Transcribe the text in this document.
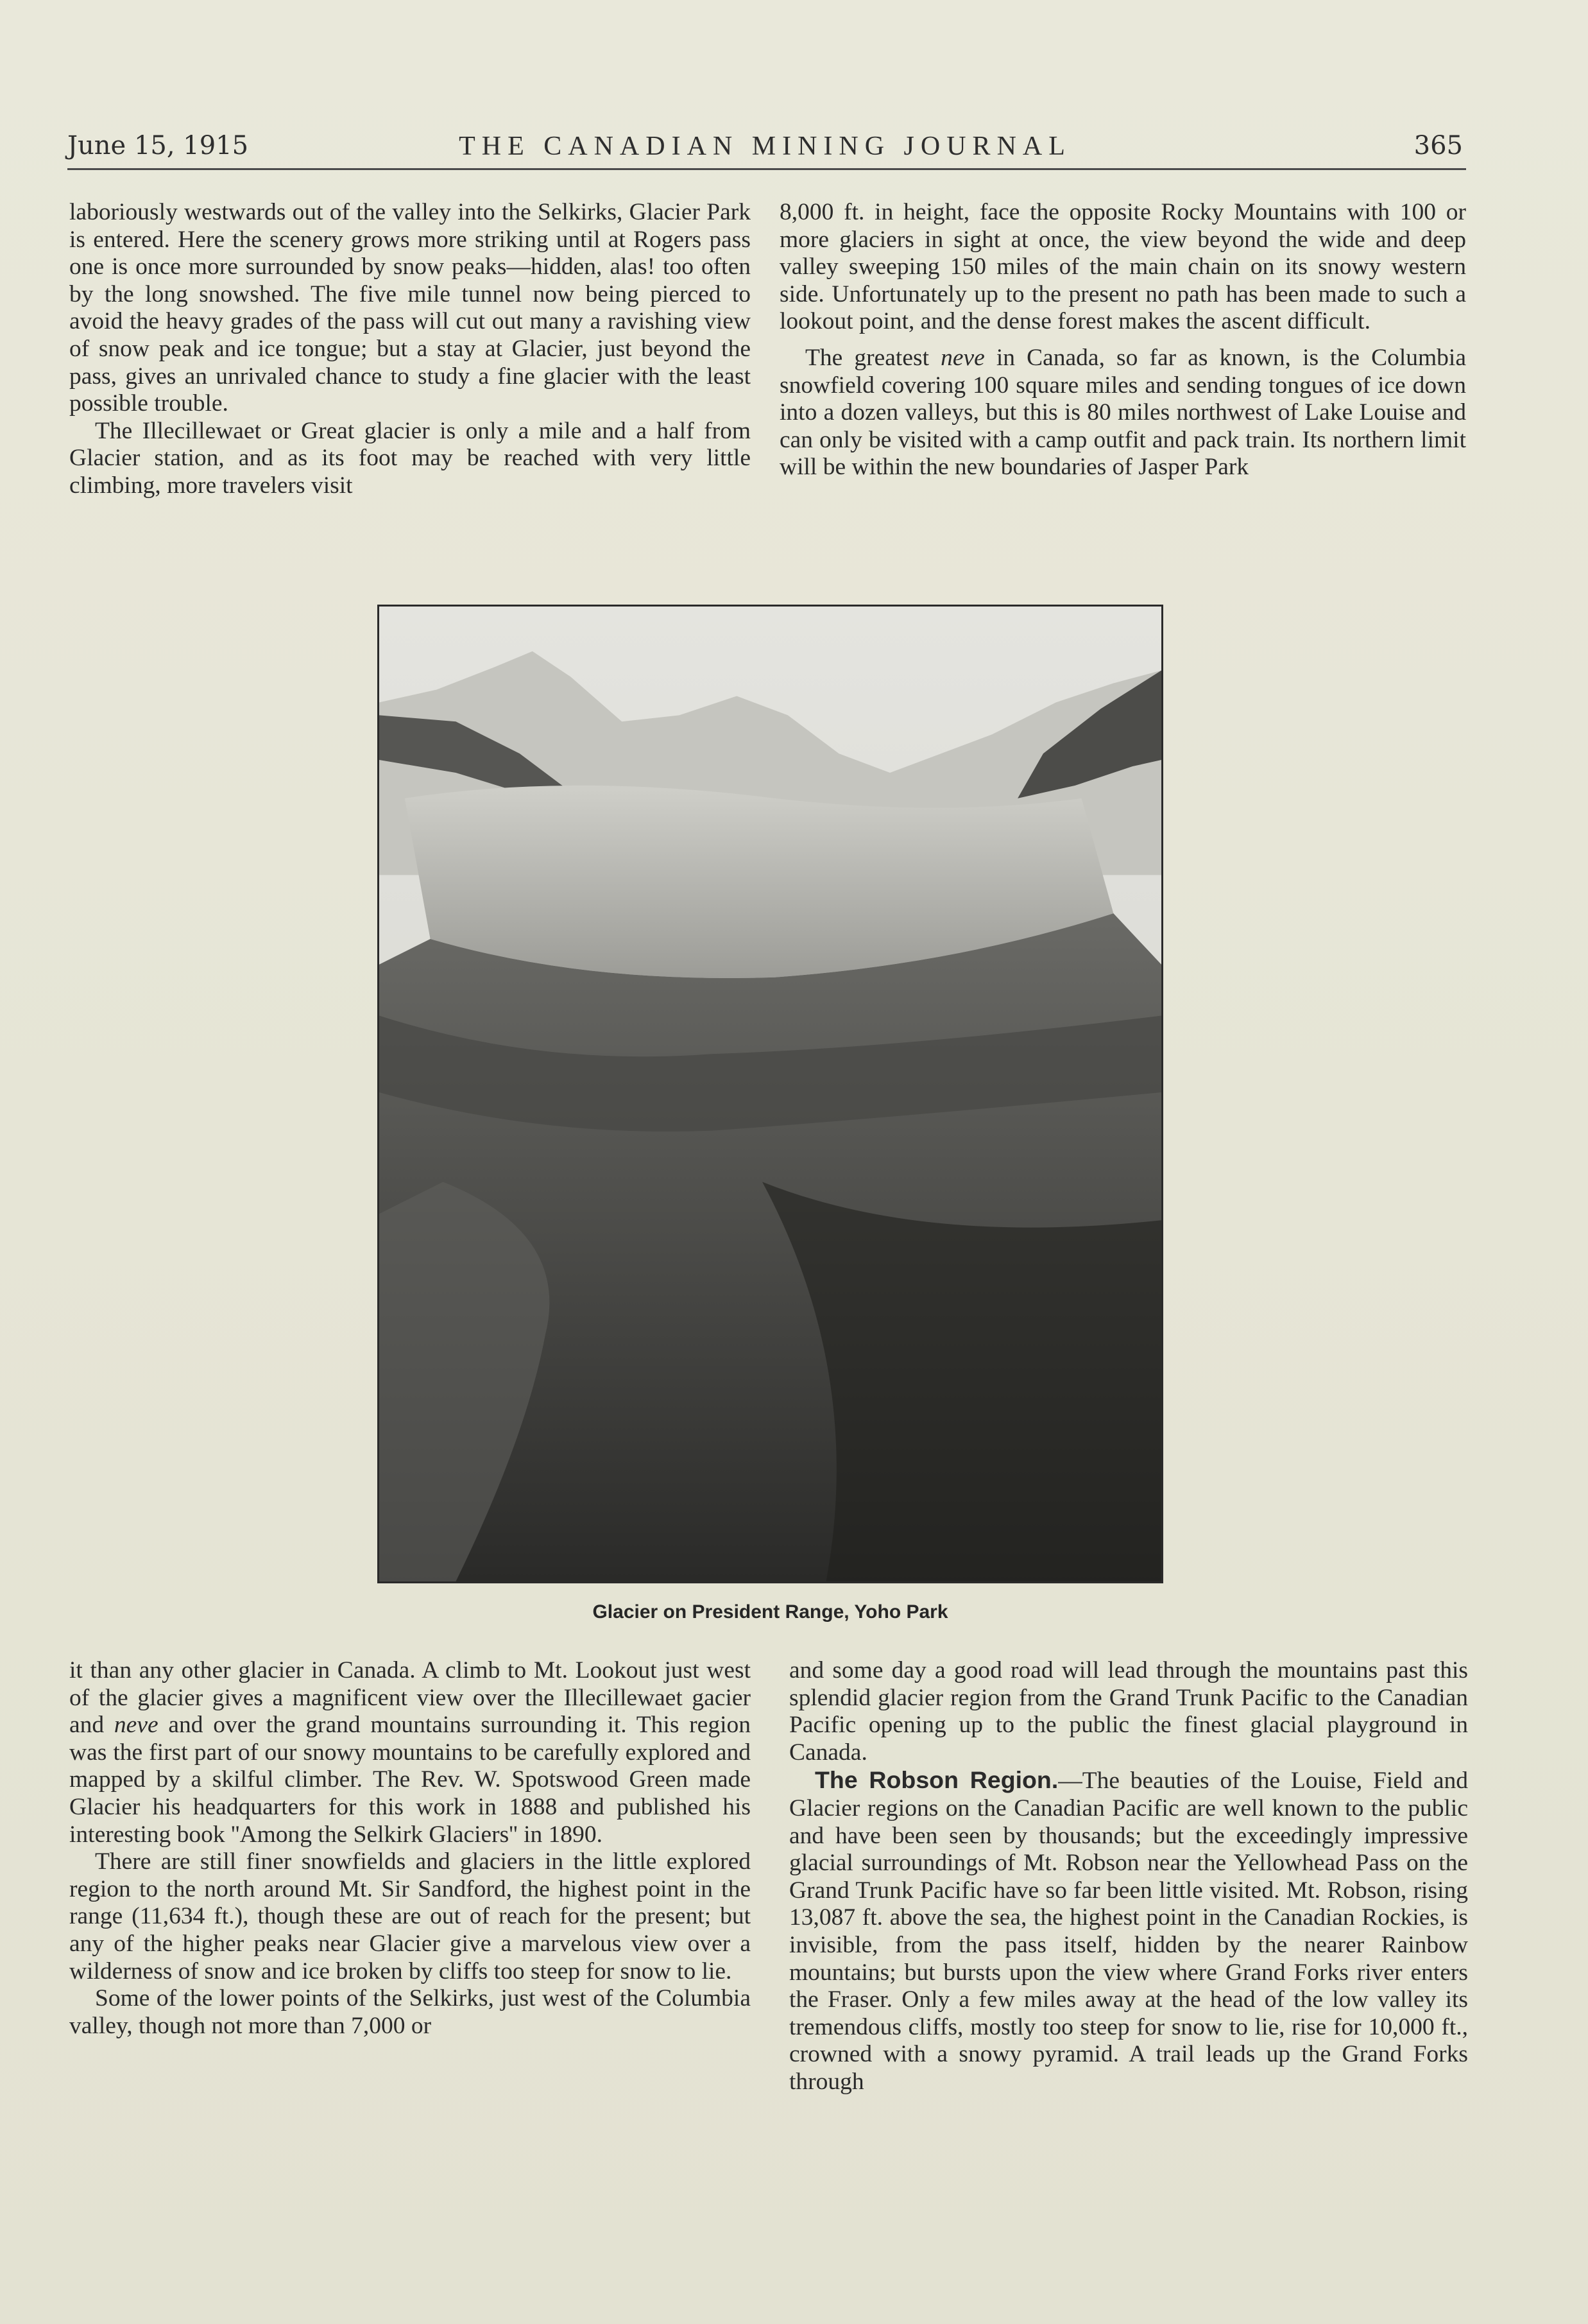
June 15, 1915	THE CANADIAN MINING JOURNAL	365

laboriously westwards out of the valley into the Selkirks, Glacier Park is entered. Here the scenery grows more striking until at Rogers pass one is once more surrounded by snow peaks—hidden, alas! too often by the long snowshed. The five mile tunnel now being pierced to avoid the heavy grades of the pass will cut out many a ravishing view of snow peak and ice tongue; but a stay at Glacier, just beyond the pass, gives an unrivaled chance to study a fine glacier with the least possible trouble.

The Illecillewaet or Great glacier is only a mile and a half from Glacier station, and as its foot may be reached with very little climbing, more travelers visit

8,000 ft. in height, face the opposite Rocky Mountains with 100 or more glaciers in sight at once, the view beyond the wide and deep valley sweeping 150 miles of the main chain on its snowy western side. Unfortunately up to the present no path has been made to such a lookout point, and the dense forest makes the ascent difficult.

The greatest neve in Canada, so far as known, is the Columbia snowfield covering 100 square miles and sending tongues of ice down into a dozen valleys, but this is 80 miles northwest of Lake Louise and can only be visited with a camp outfit and pack train. Its northern limit will be within the new boundaries of Jasper Park

Glacier on President Range, Yoho Park

it than any other glacier in Canada. A climb to Mt. Lookout just west of the glacier gives a magnificent view over the Illecillewaet gacier and neve and over the grand mountains surrounding it. This region was the first part of our snowy mountains to be carefully explored and mapped by a skilful climber. The Rev. W. Spotswood Green made Glacier his headquarters for this work in 1888 and published his interesting book ''Among the Selkirk Glaciers'' in 1890.

There are still finer snowfields and glaciers in the little explored region to the north around Mt. Sir Sandford, the highest point in the range (11,634 ft.), though these are out of reach for the present; but any of the higher peaks near Glacier give a marvelous view over a wilderness of snow and ice broken by cliffs too steep for snow to lie.

Some of the lower points of the Selkirks, just west of the Columbia valley, though not more than 7,000 or

and some day a good road will lead through the mountains past this splendid glacier region from the Grand Trunk Pacific to the Canadian Pacific opening up to the public the finest glacial playground in Canada.

The Robson Region.—The beauties of the Louise, Field and Glacier regions on the Canadian Pacific are well known to the public and have been seen by thousands; but the exceedingly impressive glacial surroundings of Mt. Robson near the Yellowhead Pass on the Grand Trunk Pacific have so far been little visited. Mt. Robson, rising 13,087 ft. above the sea, the highest point in the Canadian Rockies, is invisible, from the pass itself, hidden by the nearer Rainbow mountains; but bursts upon the view where Grand Forks river enters the Fraser. Only a few miles away at the head of the low valley its tremendous cliffs, mostly too steep for snow to lie, rise for 10,000 ft., crowned with a snowy pyramid. A trail leads up the Grand Forks through
